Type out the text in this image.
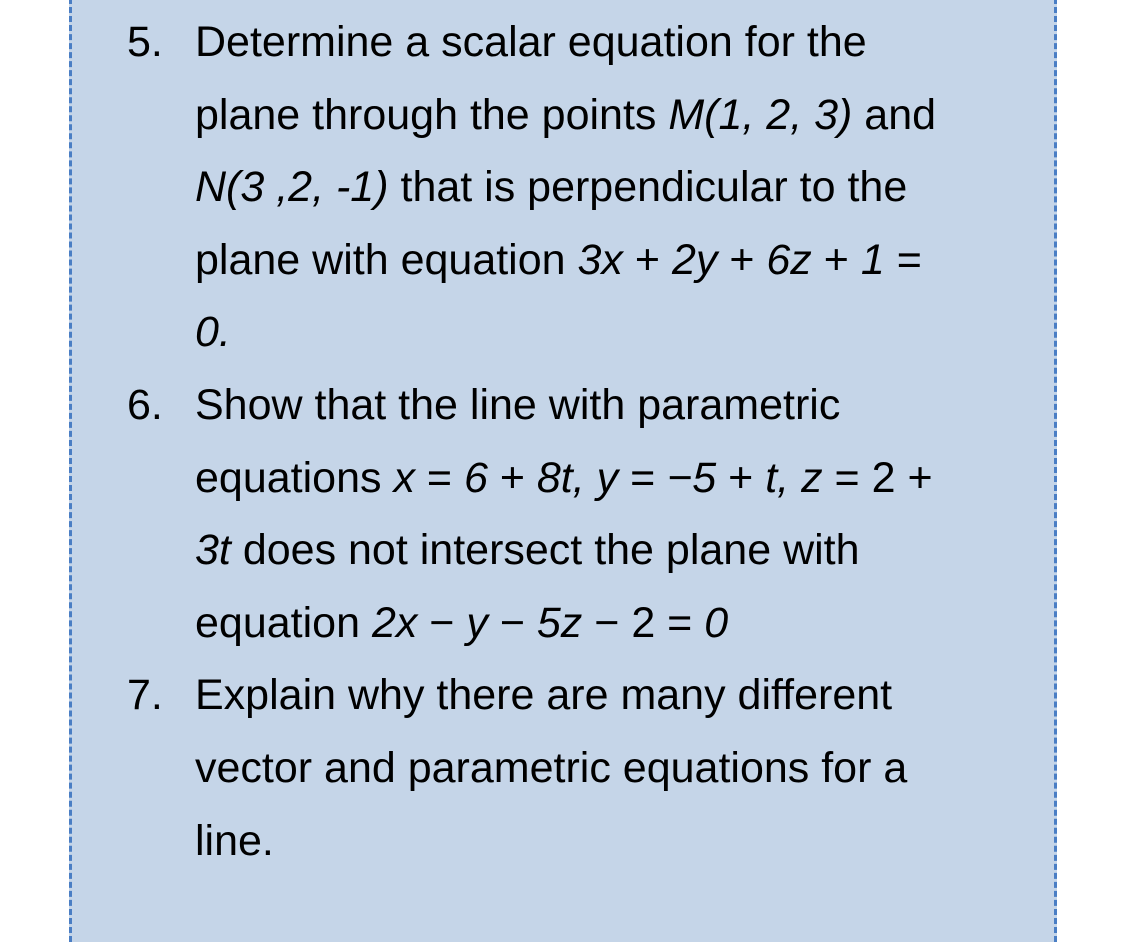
5. Determine a scalar equation for the
plane through the points M(1, 2, 3) and
N(3 ,2, -1) that is perpendicular to the
plane with equation 3x + 2y + 6z + 1 =
0.
6. Show that the line with parametric
equations x = 6 + 8t, y = −5 + t, z = 2 +
3t does not intersect the plane with
equation 2x − y − 5z − 2 = 0
7. Explain why there are many different
vector and parametric equations for a
line.
